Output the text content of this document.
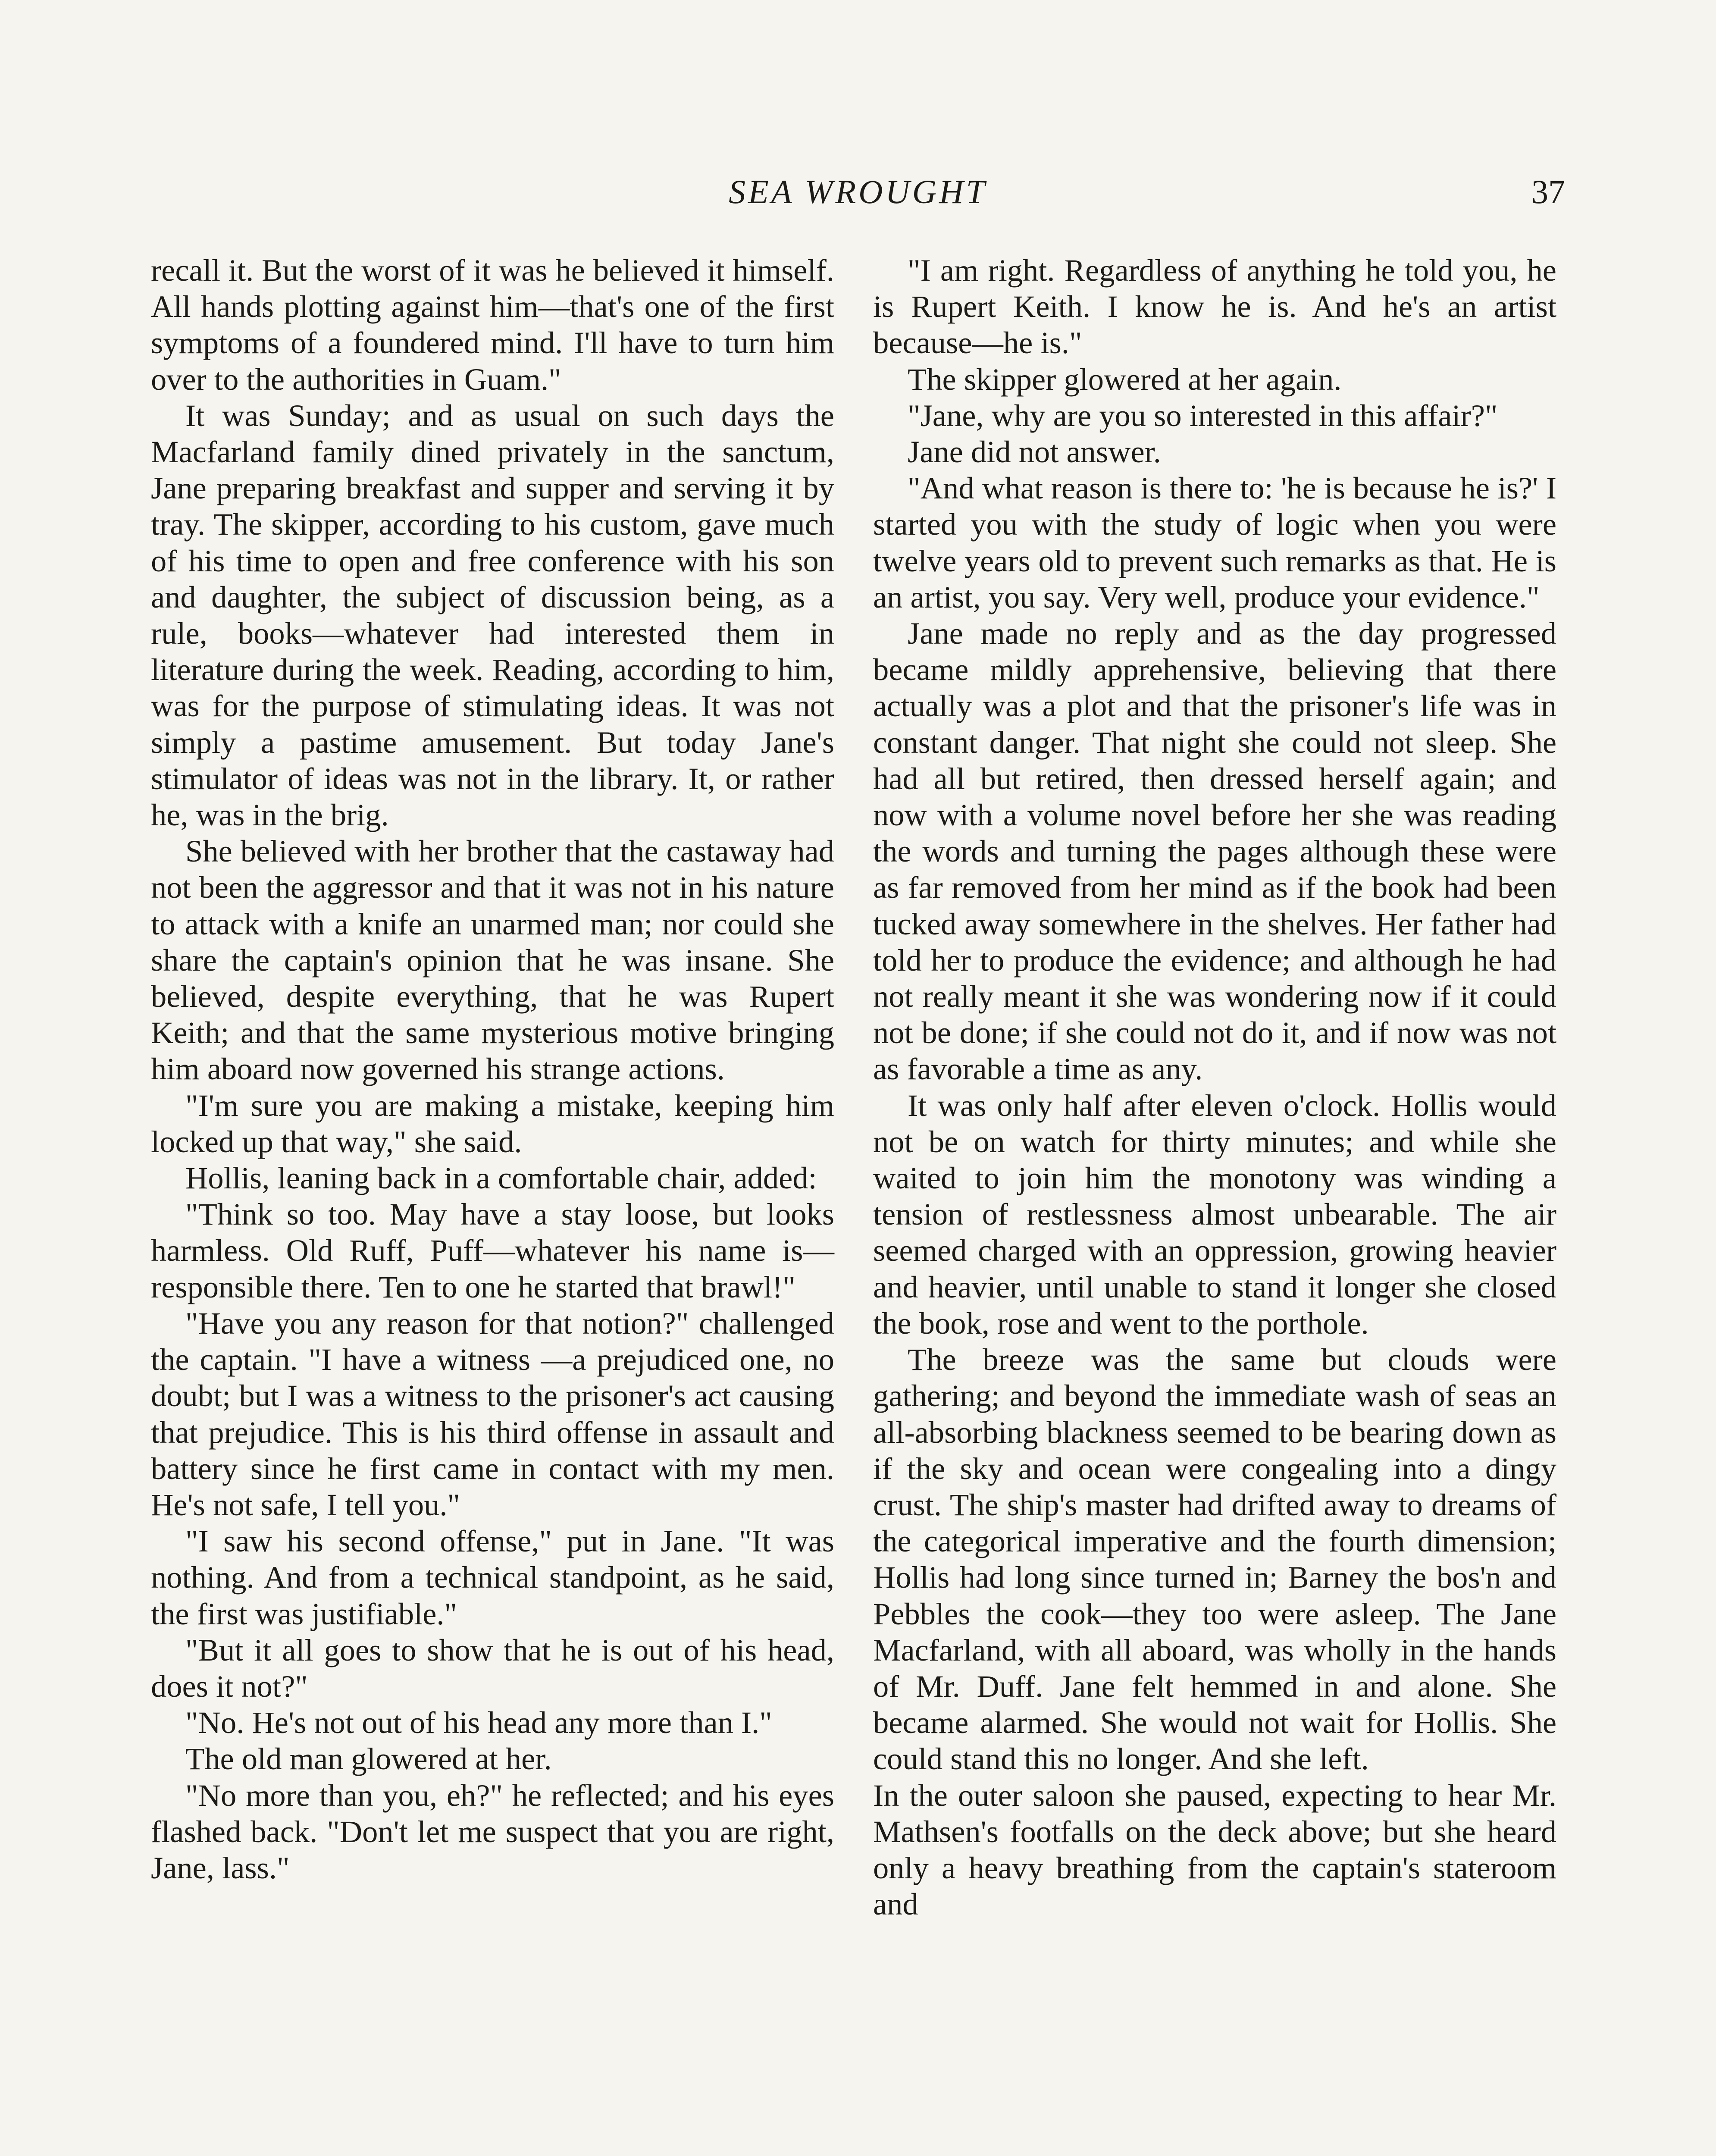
SEA WROUGHT	37

recall it. But the worst of it was he believed it himself. All hands plotting against him—that's one of the first symptoms of a foundered mind. I'll have to turn him over to the authorities in Guam."

It was Sunday; and as usual on such days the Macfarland family dined privately in the sanctum, Jane preparing breakfast and supper and serving it by tray. The skipper, according to his custom, gave much of his time to open and free conference with his son and daughter, the subject of discussion being, as a rule, books—whatever had interested them in literature during the week. Reading, according to him, was for the purpose of stimulating ideas. It was not simply a pastime amusement. But today Jane's stimulator of ideas was not in the library. It, or rather he, was in the brig.

She believed with her brother that the castaway had not been the aggressor and that it was not in his nature to attack with a knife an unarmed man; nor could she share the captain's opinion that he was insane. She believed, despite everything, that he was Rupert Keith; and that the same mysterious motive bringing him aboard now governed his strange actions.

"I'm sure you are making a mistake, keeping him locked up that way," she said.

Hollis, leaning back in a comfortable chair, added:

"Think so too. May have a stay loose, but looks harmless. Old Ruff, Puff—whatever his name is—responsible there. Ten to one he started that brawl!"

"Have you any reason for that notion?" challenged the captain. "I have a witness —a prejudiced one, no doubt; but I was a witness to the prisoner's act causing that prejudice. This is his third offense in assault and battery since he first came in contact with my men. He's not safe, I tell you."

"I saw his second offense," put in Jane. "It was nothing. And from a technical standpoint, as he said, the first was justifiable."

"But it all goes to show that he is out of his head, does it not?"

"No. He's not out of his head any more than I."

The old man glowered at her.

"No more than you, eh?" he reflected; and his eyes flashed back. "Don't let me suspect that you are right, Jane, lass."

"I am right. Regardless of anything he told you, he is Rupert Keith. I know he is. And he's an artist because—he is."

The skipper glowered at her again.

"Jane, why are you so interested in this affair?"

Jane did not answer.

"And what reason is there to: 'he is because he is?' I started you with the study of logic when you were twelve years old to prevent such remarks as that. He is an artist, you say. Very well, produce your evidence."

Jane made no reply and as the day progressed became mildly apprehensive, believing that there actually was a plot and that the prisoner's life was in constant danger. That night she could not sleep. She had all but retired, then dressed herself again; and now with a volume novel before her she was reading the words and turning the pages although these were as far removed from her mind as if the book had been tucked away somewhere in the shelves. Her father had told her to produce the evidence; and although he had not really meant it she was wondering now if it could not be done; if she could not do it, and if now was not as favorable a time as any.

It was only half after eleven o'clock. Hollis would not be on watch for thirty minutes; and while she waited to join him the monotony was winding a tension of restlessness almost unbearable. The air seemed charged with an oppression, growing heavier and heavier, until unable to stand it longer she closed the book, rose and went to the porthole.

The breeze was the same but clouds were gathering; and beyond the immediate wash of seas an all-absorbing blackness seemed to be bearing down as if the sky and ocean were congealing into a dingy crust. The ship's master had drifted away to dreams of the categorical imperative and the fourth dimension; Hollis had long since turned in; Barney the bos'n and Pebbles the cook—they too were asleep. The Jane Macfarland, with all aboard, was wholly in the hands of Mr. Duff. Jane felt hemmed in and alone. She became alarmed. She would not wait for Hollis. She could stand this no longer. And she left.

In the outer saloon she paused, expecting to hear Mr. Mathsen's footfalls on the deck above; but she heard only a heavy breathing from the captain's stateroom and
